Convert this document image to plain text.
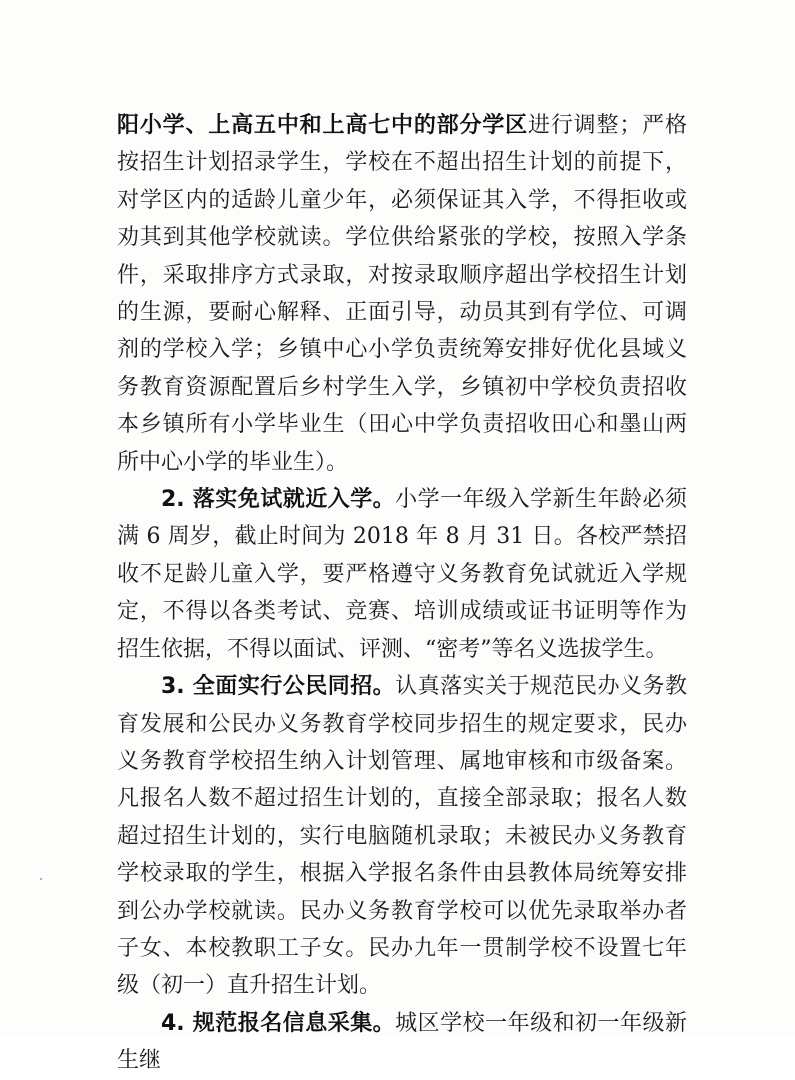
阳小学、上高五中和上高七中的部分学区进行调整；严格按招生计划招录学生，学校在不超出招生计划的前提下，对学区内的适龄儿童少年，必须保证其入学，不得拒收或劝其到其他学校就读。学位供给紧张的学校，按照入学条件，采取排序方式录取，对按录取顺序超出学校招生计划的生源，要耐心解释、正面引导，动员其到有学位、可调剂的学校入学；乡镇中心小学负责统筹安排好优化县域义务教育资源配置后乡村学生入学，乡镇初中学校负责招收本乡镇所有小学毕业生（田心中学负责招收田心和墨山两所中心小学的毕业生）。

2. 落实免试就近入学。小学一年级入学新生年龄必须满 6 周岁，截止时间为 2018 年 8 月 31 日。各校严禁招收不足龄儿童入学，要严格遵守义务教育免试就近入学规定，不得以各类考试、竞赛、培训成绩或证书证明等作为招生依据，不得以面试、评测、“密考”等名义选拔学生。

3. 全面实行公民同招。认真落实关于规范民办义务教育发展和公民办义务教育学校同步招生的规定要求，民办义务教育学校招生纳入计划管理、属地审核和市级备案。凡报名人数不超过招生计划的，直接全部录取；报名人数超过招生计划的，实行电脑随机录取；未被民办义务教育学校录取的学生，根据入学报名条件由县教体局统筹安排到公办学校就读。民办义务教育学校可以优先录取举办者子女、本校教职工子女。民办九年一贯制学校不设置七年级（初一）直升招生计划。

4. 规范报名信息采集。城区学校一年级和初一年级新生继
